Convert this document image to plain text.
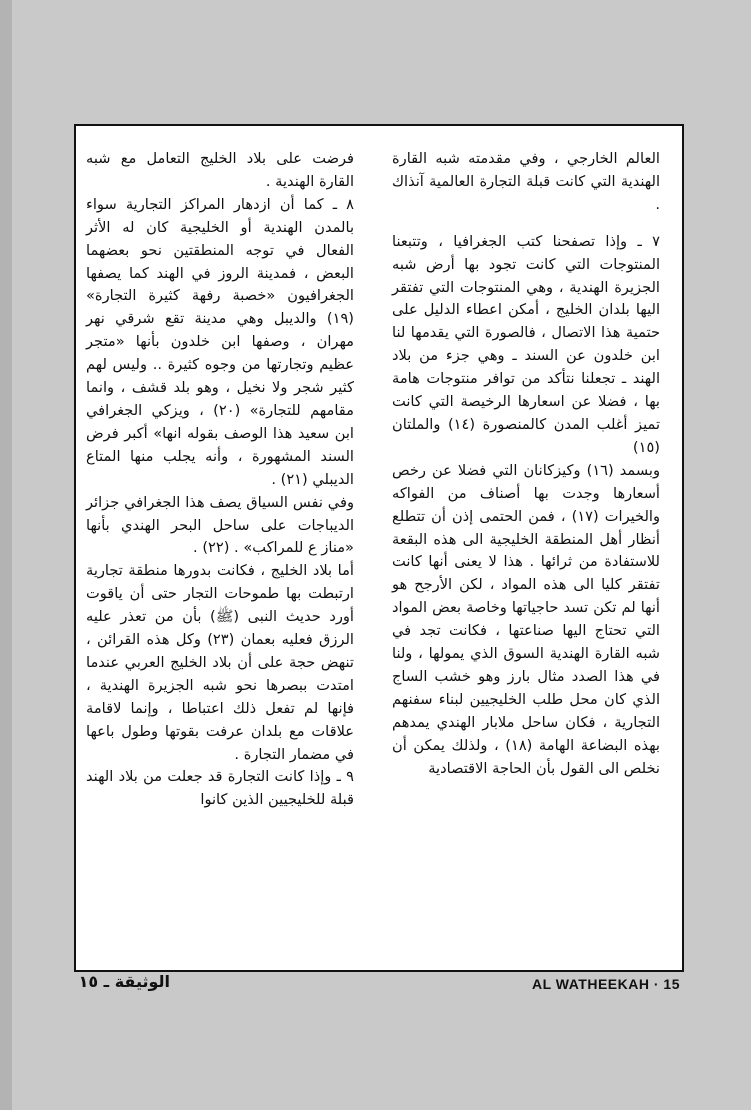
العالم الخارجي ، وفي مقدمته شبه القارة الهندية التي كانت قبلة التجارة العالمية آنذاك .

٧ ـ وإذا تصفحنا كتب الجغرافيا ، وتتبعنا المنتوجات التي كانت تجود بها أرض شبه الجزيرة الهندية ، وهي المنتوجات التي تفتقر اليها بلدان الخليج ، أمكن اعطاء الدليل على حتمية هذا الاتصال ، فالصورة التي يقدمها لنا ابن خلدون عن السند ـ وهي جزء من بلاد الهند ـ تجعلنا نتأكد من توافر منتوجات هامة بها ، فضلا عن اسعارها الرخيصة التي كانت تميز أغلب المدن كالمنصورة (١٤) والملتان (١٥)

وبسمد (١٦) وكيزكانان التي فضلا عن رخص أسعارها وجدت بها أصناف من الفواكه والخيرات (١٧) ، فمن الحتمى إذن أن تتطلع أنظار أهل المنطقة الخليجية الى هذه البقعة للاستفادة من ثرائها . هذا لا يعنى أنها كانت تفتقر كليا الى هذه المواد ، لكن الأرجح هو أنها لم تكن تسد حاجياتها وخاصة بعض المواد التي تحتاج اليها صناعتها ، فكانت تجد في شبه القارة الهندية السوق الذي يمولها ، ولنا في هذا الصدد مثال بارز وهو خشب الساج الذي كان محل طلب الخليجيين لبناء سفنهم التجارية ، فكان ساحل ملابار الهندي يمدهم بهذه البضاعة الهامة (١٨) ، ولذلك يمكن أن نخلص الى القول بأن الحاجة الاقتصادية

فرضت على بلاد الخليج التعامل مع شبه القارة الهندية .

٨ ـ كما أن ازدهار المراكز التجارية سواء بالمدن الهندية أو الخليجية كان له الأثر الفعال في توجه المنطقتين نحو بعضهما البعض ، فمدينة الروز في الهند كما يصفها الجغرافيون «خصبة رفهة كثيرة التجارة» (١٩) والديبل وهي مدينة تقع شرقي نهر مهران ، وصفها ابن خلدون بأنها «متجر عظيم وتجارتها من وجوه كثيرة .. وليس لهم كثير شجر ولا نخيل ، وهو بلد قشف ، وانما مقامهم للتجارة» (٢٠) ، ويزكي الجغرافي ابن سعيد هذا الوصف بقوله انها» أكبر فرض السند المشهورة ، وأنه يجلب منها المتاع الديبلي (٢١) .

وفي نفس السياق يصف هذا الجغرافي جزائر الديباجات على ساحل البحر الهندي بأنها «مناز ع للمراكب» . (٢٢) .

أما بلاد الخليج ، فكانت بدورها منطقة تجارية ارتبطت بها طموحات التجار حتى أن ياقوت أورد حديث النبى (ﷺ) بأن من تعذر عليه الرزق فعليه بعمان (٢٣) وكل هذه القرائن ، تنهض حجة على أن بلاد الخليج العربي عندما امتدت ببصرها نحو شبه الجزيرة الهندية ، فإنها لم تفعل ذلك اعتباطا ، وإنما لاقامة علاقات مع بلدان عرفت بقوتها وطول باعها في مضمار التجارة .

٩ ـ وإذا كانت التجارة قد جعلت من بلاد الهند قبلة للخليجيين الذين كانوا

AL WATHEEKAH · 15
الوثيقة ـ ١٥
